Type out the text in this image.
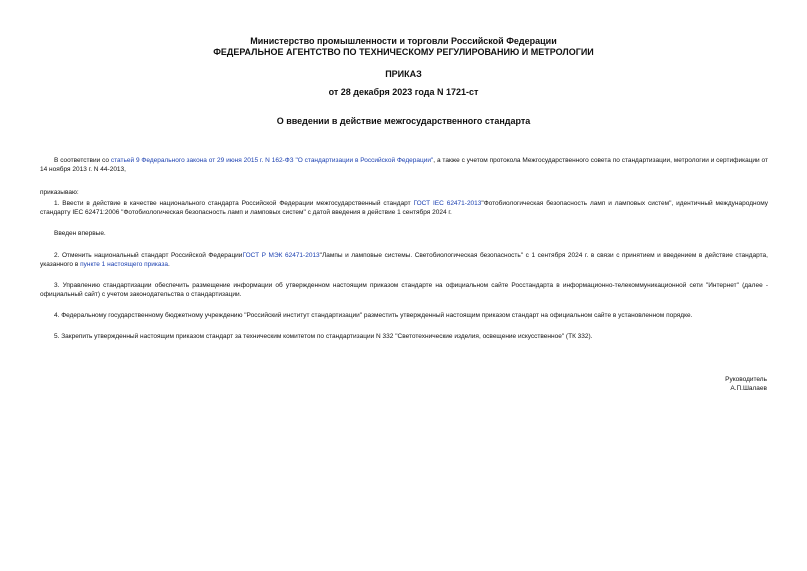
Министерство промышленности и торговли Российской Федерации
ФЕДЕРАЛЬНОЕ АГЕНТСТВО ПО ТЕХНИЧЕСКОМУ РЕГУЛИРОВАНИЮ И МЕТРОЛОГИИ
ПРИКАЗ
от 28 декабря 2023 года N 1721-ст
О введении в действие межгосударственного стандарта
В соответствии со статьей 9 Федерального закона от 29 июня 2015 г. N 162-ФЗ "О стандартизации в Российской Федерации", а также с учетом протокола Межгосударственного совета по стандартизации, метрологии и сертификации от 14 ноября 2013 г. N 44-2013,
приказываю:
1. Ввести в действие в качестве национального стандарта Российской Федерации межгосударственный стандарт ГОСТ IEC 62471-2013"Фотобиологическая безопасность ламп и ламповых систем", идентичный международному стандарту IEC 62471:2006 "Фотобиологическая безопасность ламп и ламповых систем" с датой введения в действие 1 сентября 2024 г.
Введен впервые.
2. Отменить национальный стандарт Российской ФедерацииГОСТ Р МЭК 62471-2013"Лампы и ламповые системы. Светобиологическая безопасность" с 1 сентября 2024 г. в связи с принятием и введением в действие стандарта, указанного в пункте 1 настоящего приказа.
3. Управлению стандартизации обеспечить размещение информации об утвержденном настоящим приказом стандарте на официальном сайте Росстандарта в информационно-телекоммуникационной сети "Интернет" (далее - официальный сайт) с учетом законодательства о стандартизации.
4. Федеральному государственному бюджетному учреждению "Российский институт стандартизации" разместить утвержденный настоящим приказом стандарт на официальном сайте в установленном порядке.
5. Закрепить утвержденный настоящим приказом стандарт за техническим комитетом по стандартизации N 332 "Светотехнические изделия, освещение искусственное" (ТК 332).
Руководитель
А.П.Шалаев
